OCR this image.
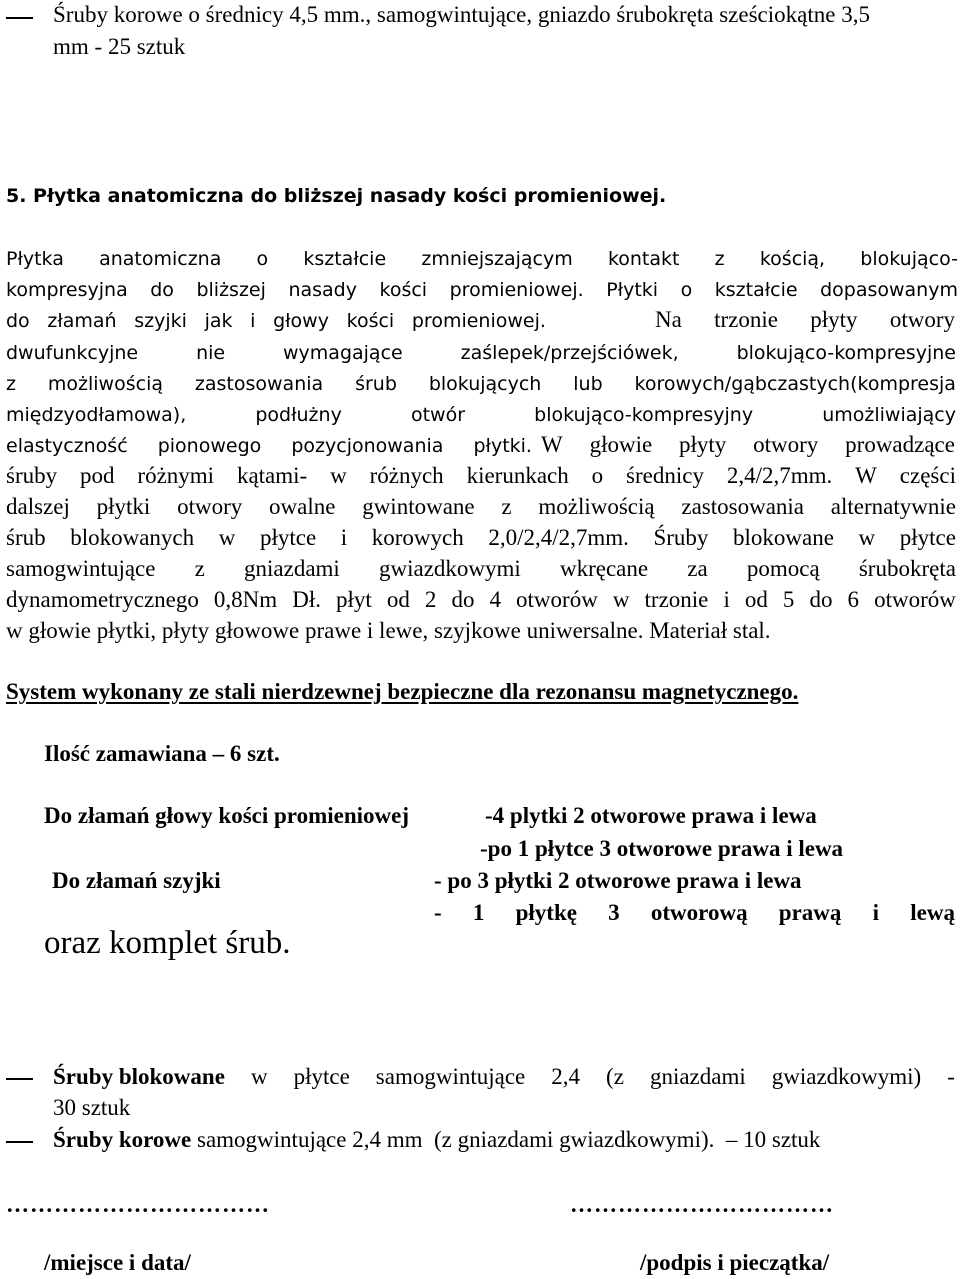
Śruby korowe o średnicy 4,5 mm., samogwintujące, gniazdo śrubokręta sześciokątne 3,5
mm - 25 sztuk
5. Płytka anatomiczna do bliższej nasady kości promieniowej.
Płytka anatomiczna o kształcie zmniejszającym kontakt z kością, blokująco-
kompresyjna do bliższej nasady kości promieniowej. Płytki o kształcie dopasowanym
do złamań szyjki jak i głowy kości promieniowej.	Na trzonie płyty otwory
dwufunkcyjne	nie	wymagające	zaślepek/przejściówek,	blokująco-kompresyjne
z możliwością zastosowania śrub blokujących lub korowych/gąbczastych(kompresja
międzyodłamowa),	podłużny	otwór	blokująco-kompresyjny	umożliwiający
elastyczność pionowego pozycjonowania płytki. W głowie płyty otwory prowadzące
śruby pod różnymi kątami- w różnych kierunkach o średnicy 2,4/2,7mm. W części
dalszej płytki otwory owalne gwintowane z możliwością zastosowania alternatywnie
śrub blokowanych w płytce i korowych 2,0/2,4/2,7mm. Śruby blokowane w płytce
samogwintujące z gniazdami gwiazdkowymi wkręcane za pomocą śrubokręta
dynamometrycznego 0,8Nm Dł. płyt od 2 do 4 otworów w trzonie i od 5 do 6 otworów
w głowie płytki, płyty głowowe prawe i lewe, szyjkowe uniwersalne. Materiał stal.
System wykonany ze stali nierdzewnej bezpieczne dla rezonansu magnetycznego.
Ilość zamawiana – 6 szt.
Do złamań głowy kości promieniowej	-4 plytki 2 otworowe prawa i lewa
-po 1 płytce 3 otworowe prawa i lewa
Do złamań szyjki	- po 3 płytki 2 otworowe prawa i lewa
- 1 płytkę 3 otworową prawą i lewą
oraz komplet śrub.
Śruby blokowane w płytce samogwintujące 2,4 (z gniazdami gwiazdkowymi) -
30 sztuk
Śruby korowe samogwintujące 2,4 mm  (z gniazdami gwiazdkowymi).  – 10 sztuk
……………………………	……………………………
/miejsce i data/	/podpis i pieczątka/
